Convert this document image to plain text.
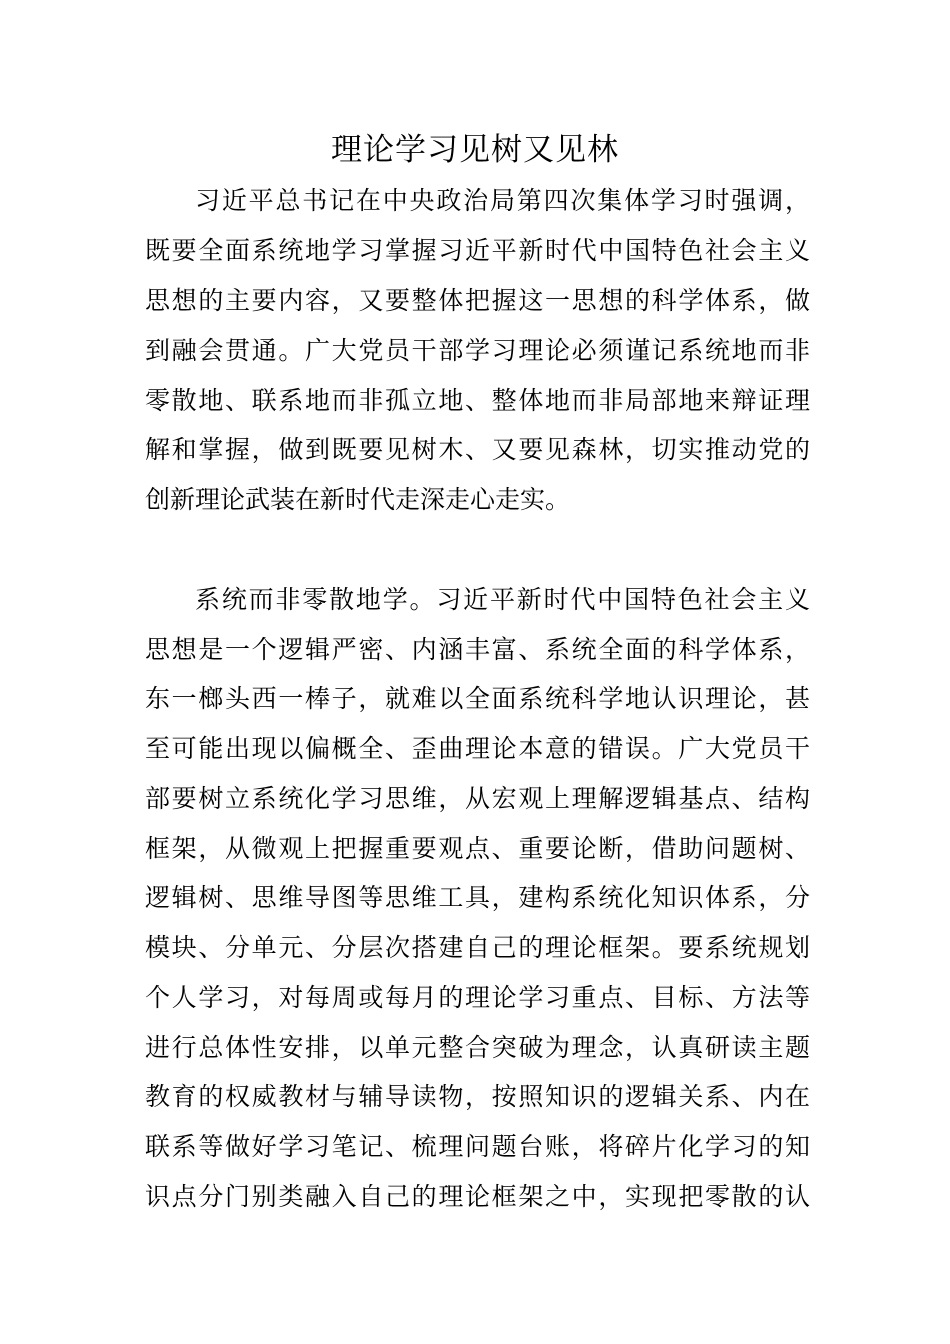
理论学习见树又见林
习近平总书记在中央政治局第四次集体学习时强调，
既要全面系统地学习掌握习近平新时代中国特色社会主义
思想的主要内容，又要整体把握这一思想的科学体系，做
到融会贯通。广大党员干部学习理论必须谨记系统地而非
零散地、联系地而非孤立地、整体地而非局部地来辩证理
解和掌握，做到既要见树木、又要见森林，切实推动党的
创新理论武装在新时代走深走心走实。
系统而非零散地学。习近平新时代中国特色社会主义
思想是一个逻辑严密、内涵丰富、系统全面的科学体系，
东一榔头西一棒子，就难以全面系统科学地认识理论，甚
至可能出现以偏概全、歪曲理论本意的错误。广大党员干
部要树立系统化学习思维，从宏观上理解逻辑基点、结构
框架，从微观上把握重要观点、重要论断，借助问题树、
逻辑树、思维导图等思维工具，建构系统化知识体系，分
模块、分单元、分层次搭建自己的理论框架。要系统规划
个人学习，对每周或每月的理论学习重点、目标、方法等
进行总体性安排，以单元整合突破为理念，认真研读主题
教育的权威教材与辅导读物，按照知识的逻辑关系、内在
联系等做好学习笔记、梳理问题台账，将碎片化学习的知
识点分门别类融入自己的理论框架之中，实现把零散的认
